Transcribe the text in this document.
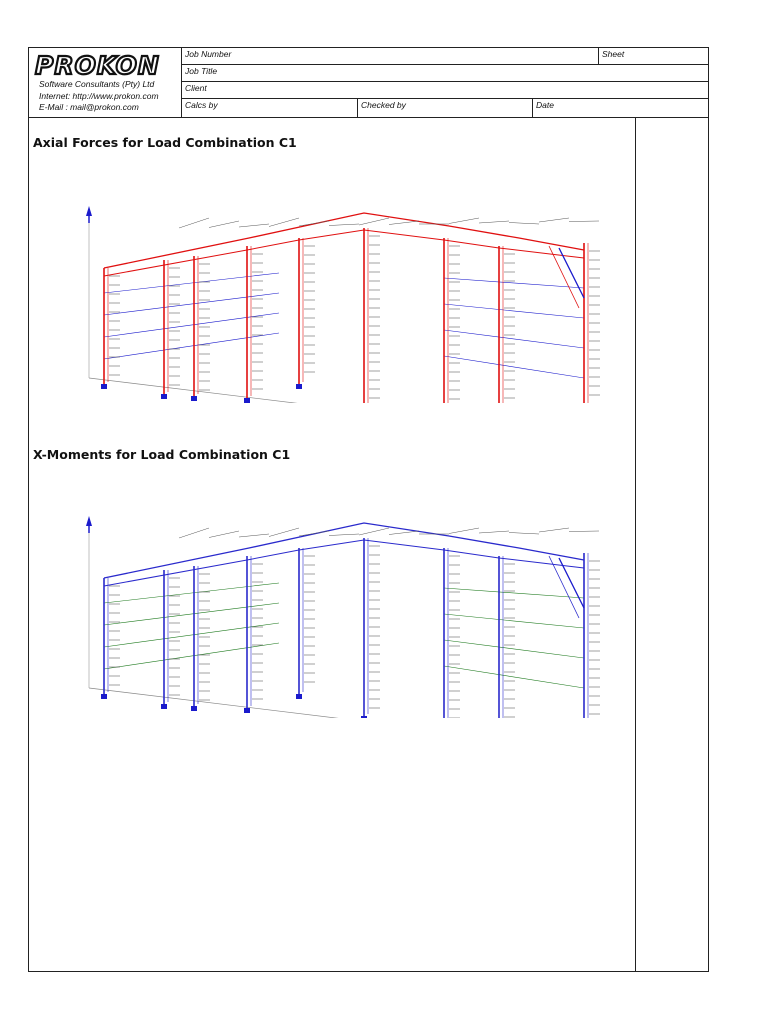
PROKON
Software Consultants (Pty) Ltd
Internet: http://www.prokon.com
E-Mail : mail@prokon.com
Job Number	Sheet
Job Title
Client
Calcs by	Checked by	Date
Axial Forces for Load Combination C1
X-Moments for Load Combination C1
